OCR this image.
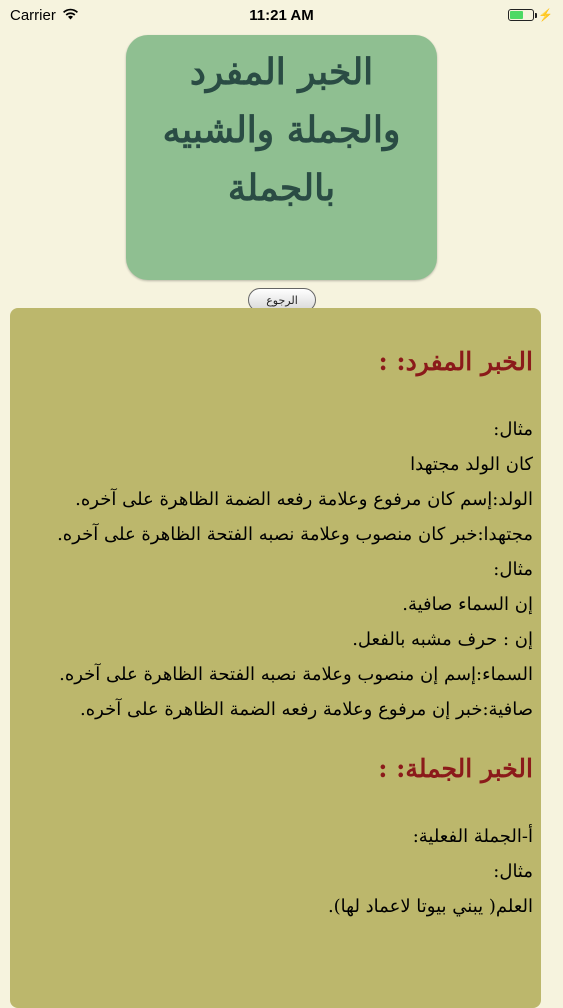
Carrier	11:21 AM	⚡
الخبر المفرد والجملة والشبيه بالجملة
الرجوع
الخبر المفرد: :

مثال:

كان الولد مجتهدا

الولد:إسم كان مرفوع وعلامة رفعه الضمة الظاهرة على آخره.

مجتهدا:خبر كان منصوب وعلامة نصبه الفتحة الظاهرة على آخره.

مثال:

إن السماء صافية.

إن : حرف مشبه بالفعل.

السماء:إسم إن منصوب وعلامة نصبه الفتحة الظاهرة على آخره.

صافية:خبر إن مرفوع وعلامة رفعه الضمة الظاهرة على آخره.

الخبر الجملة: :

أ-الجملة الفعلية:

مثال:

العلم( يبني بيوتا لاعماد لها).
